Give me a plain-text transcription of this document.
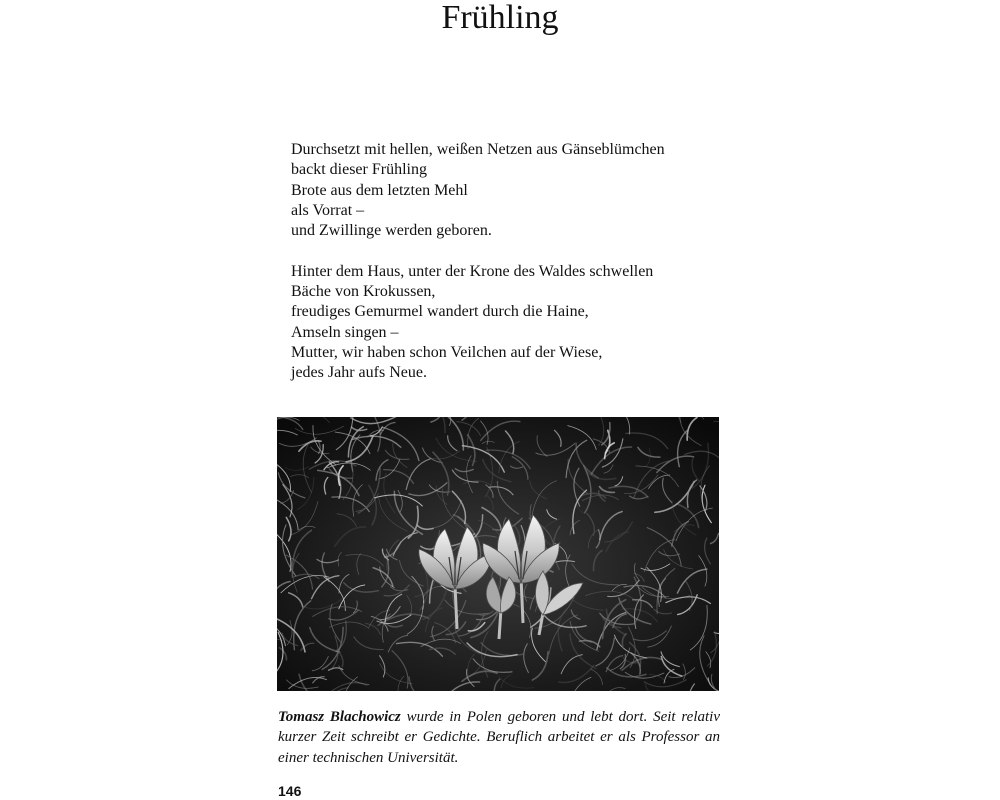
Frühling

Durchsetzt mit hellen, weißen Netzen aus Gänseblümchen
backt dieser Frühling
Brote aus dem letzten Mehl
als Vorrat –
und Zwillinge werden geboren.

Hinter dem Haus, unter der Krone des Waldes schwellen
Bäche von Krokussen,
freudiges Gemurmel wandert durch die Haine,
Amseln singen –
Mutter, wir haben schon Veilchen auf der Wiese,
jedes Jahr aufs Neue.

Tomasz Blachowicz wurde in Polen geboren und lebt dort. Seit relativ kurzer Zeit schreibt er Gedichte. Beruflich arbeitet er als Professor an einer technischen Universität.

146
